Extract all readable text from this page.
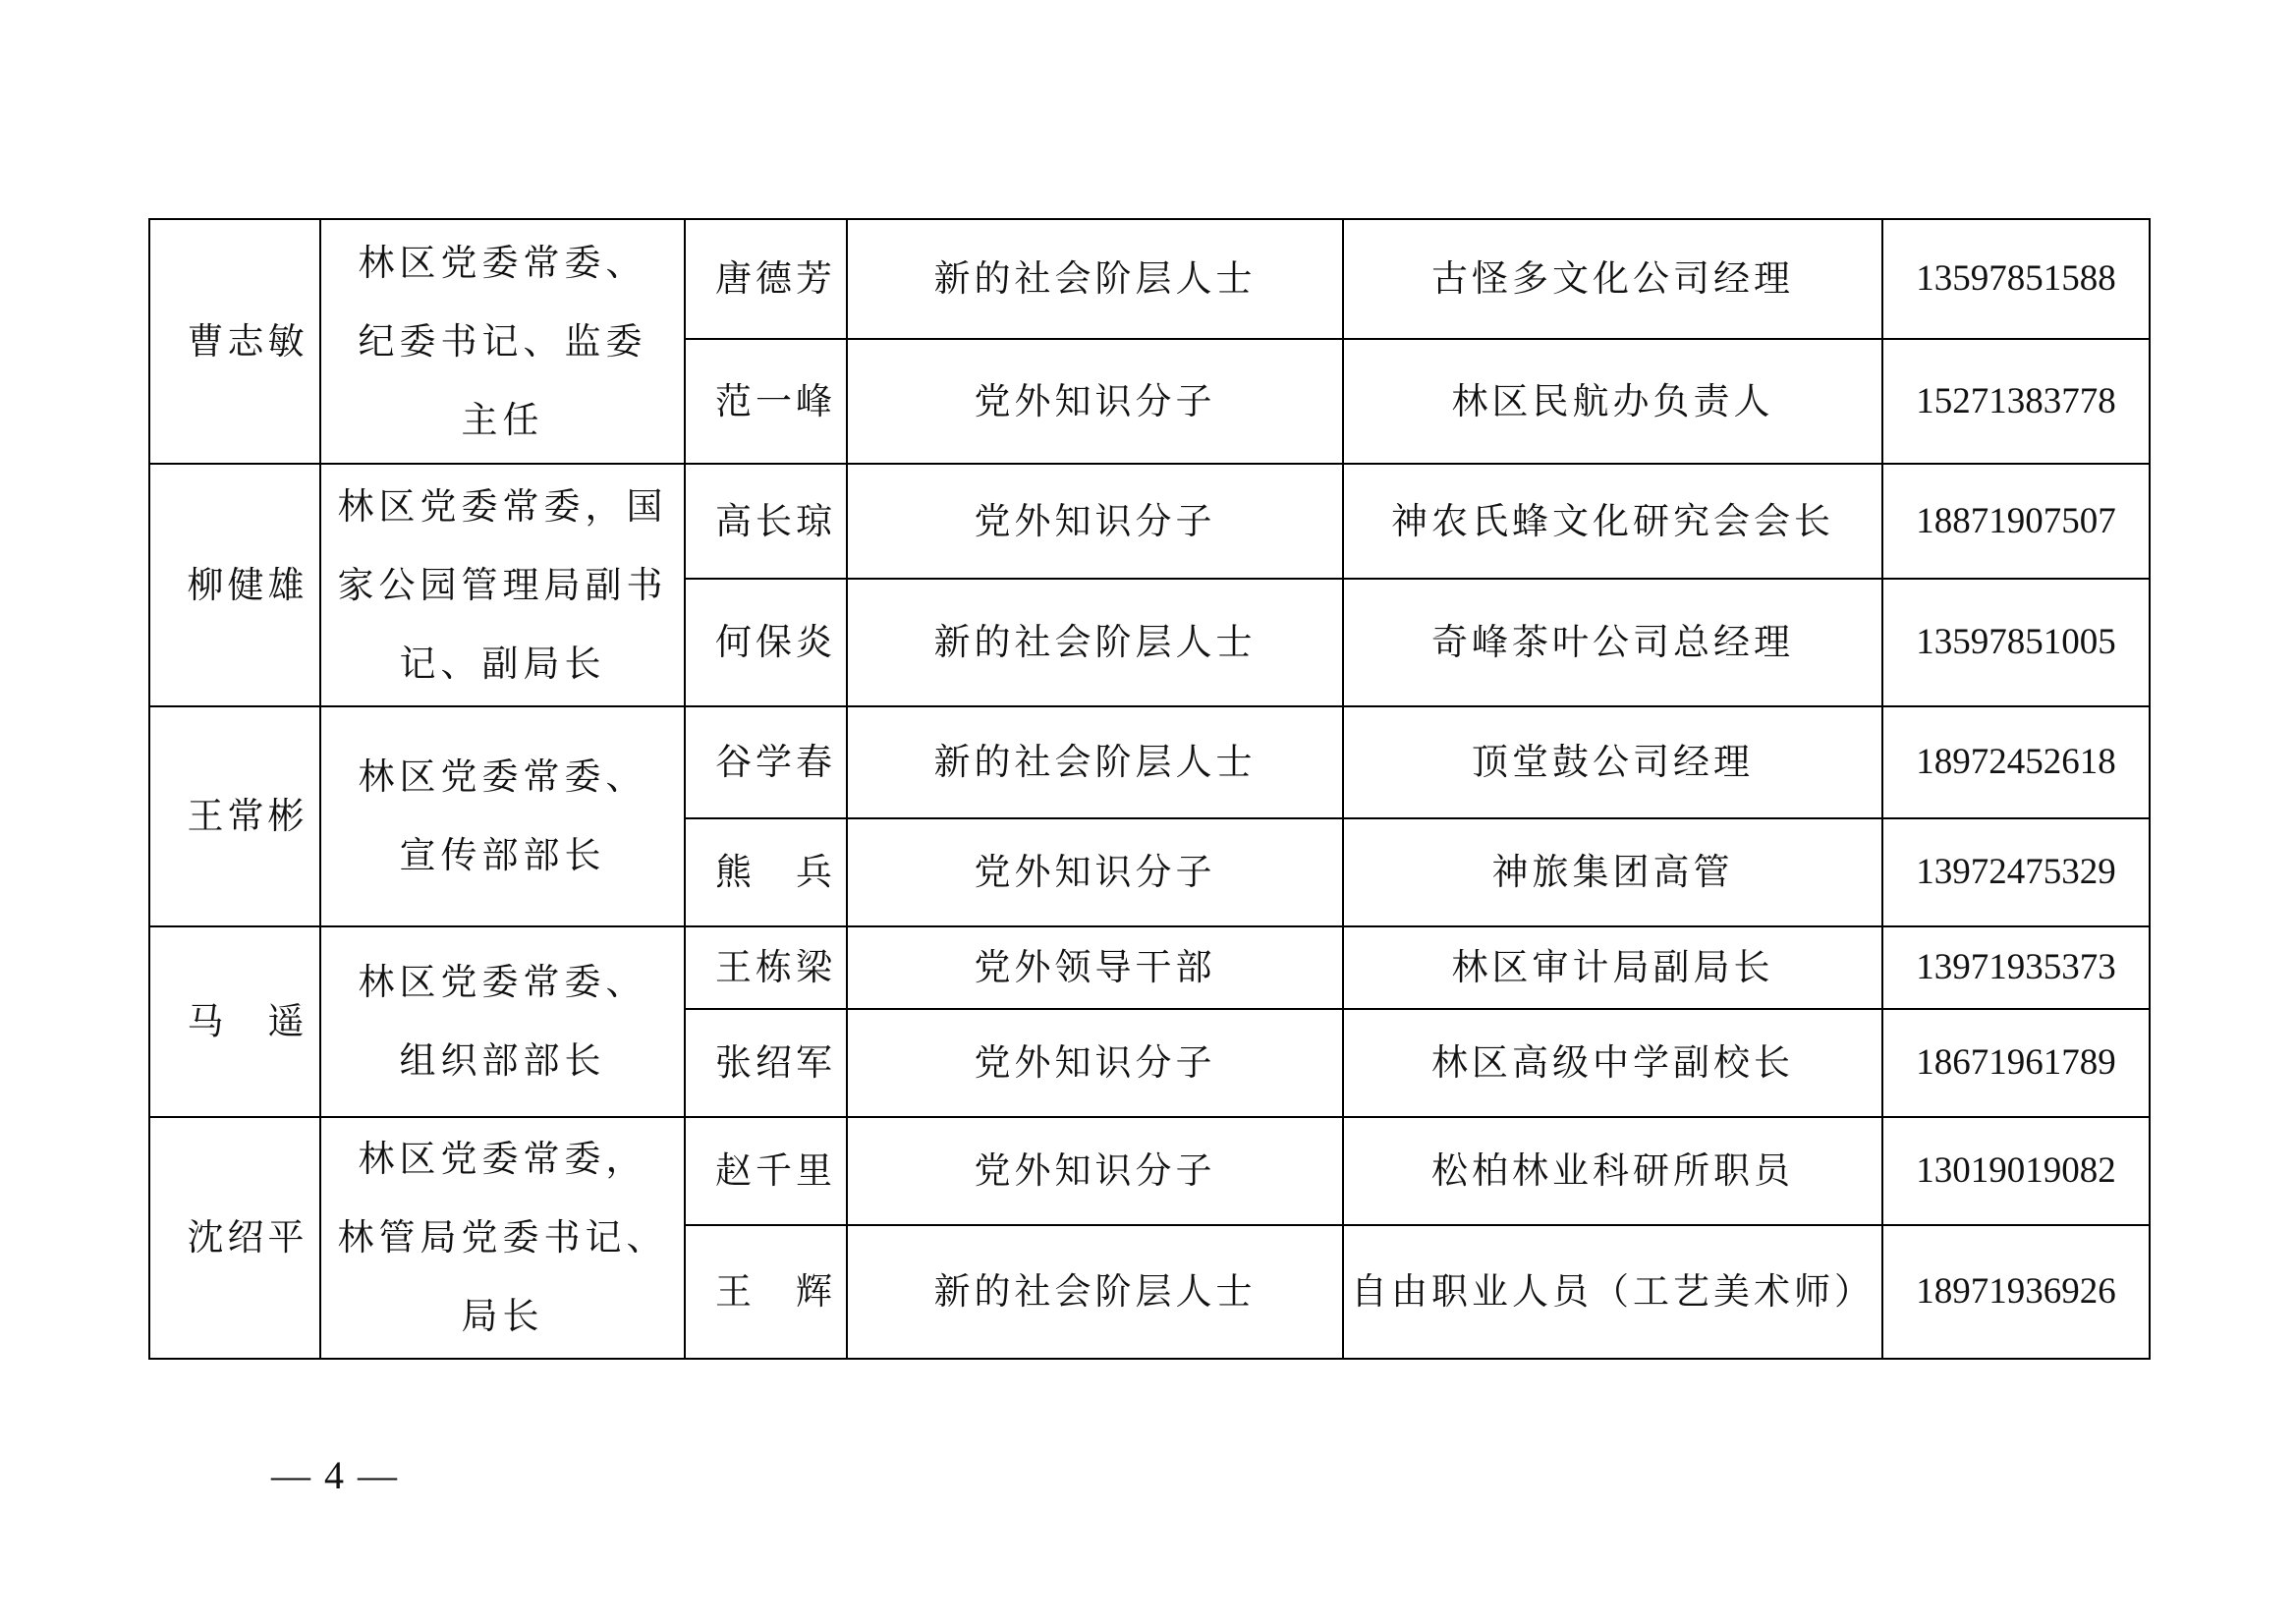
曹志敏	林区党委常委、
纪委书记、监委
主任	唐德芳	新的社会阶层人士	古怪多文化公司经理	13597851588
		范一峰	党外知识分子	林区民航办负责人	15271383778
柳健雄	林区党委常委，国
家公园管理局副书
记、副局长	高长琼	党外知识分子	神农氏蜂文化研究会会长	18871907507
		何保炎	新的社会阶层人士	奇峰茶叶公司总经理	13597851005
王常彬	林区党委常委、
宣传部部长	谷学春	新的社会阶层人士	顶堂鼓公司经理	18972452618
		熊　兵	党外知识分子	神旅集团高管	13972475329
马　遥	林区党委常委、
组织部部长	王栋梁	党外领导干部	林区审计局副局长	13971935373
		张绍军	党外知识分子	林区高级中学副校长	18671961789
沈绍平	林区党委常委，
林管局党委书记、
局长	赵千里	党外知识分子	松柏林业科研所职员	13019019082
		王　辉	新的社会阶层人士	自由职业人员（工艺美术师）	18971936926
— 4 —
